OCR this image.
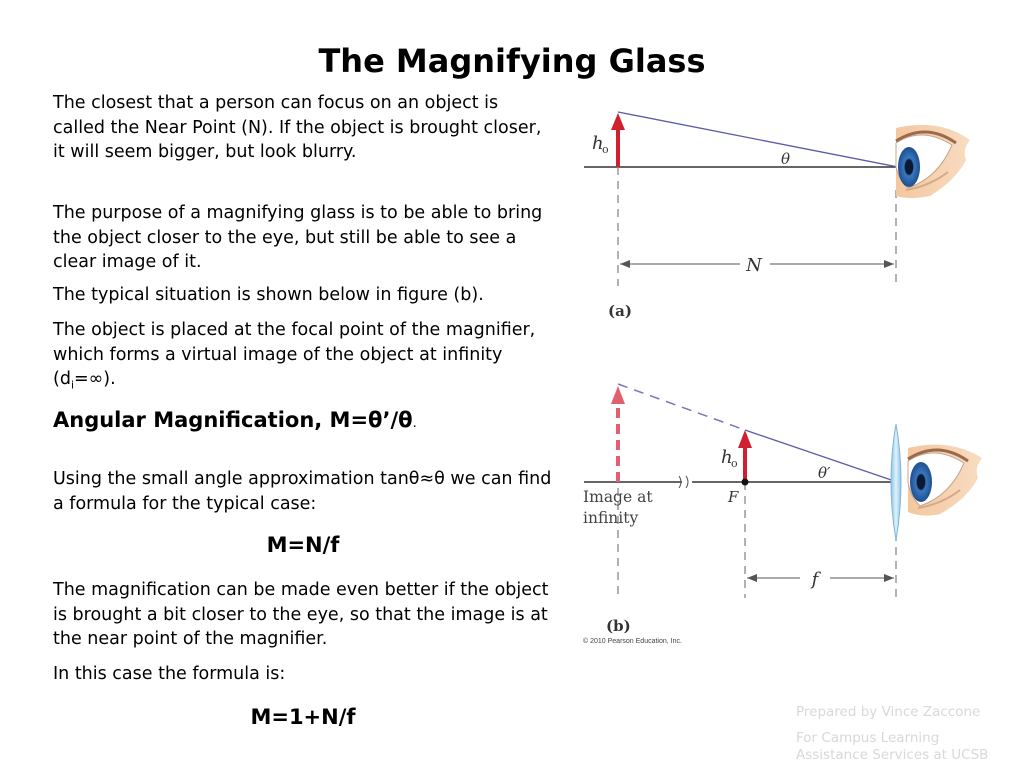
The Magnifying Glass
The closest that a person can focus on an object is called the Near Point (N). If the object is brought closer, it will seem bigger, but look blurry.
The purpose of a magnifying glass is to be able to bring the object closer to the eye, but still be able to see a clear image of it.
The typical situation is shown below in figure (b).
The object is placed at the focal point of the magnifier, which forms a virtual image of the object at infinity $(d_i=\infty)$.
Angular Magnification, M=θ’/θ.
Using the small angle approximation tanθ≈θ we can find a formula for the typical case:
M=N/f
The magnification can be made even better if the object is brought a bit closer to the eye, so that the image is at the near point of the magnifier.
In this case the formula is:
M=1+N/f	Prepared by Vince Zaccone
For Campus Learning Assistance Services at UCSB
N
h
o
θ
(a)
f
h
o
θ′
F
Image at
infinity
(b)
© 2010 Pearson Education, Inc.
